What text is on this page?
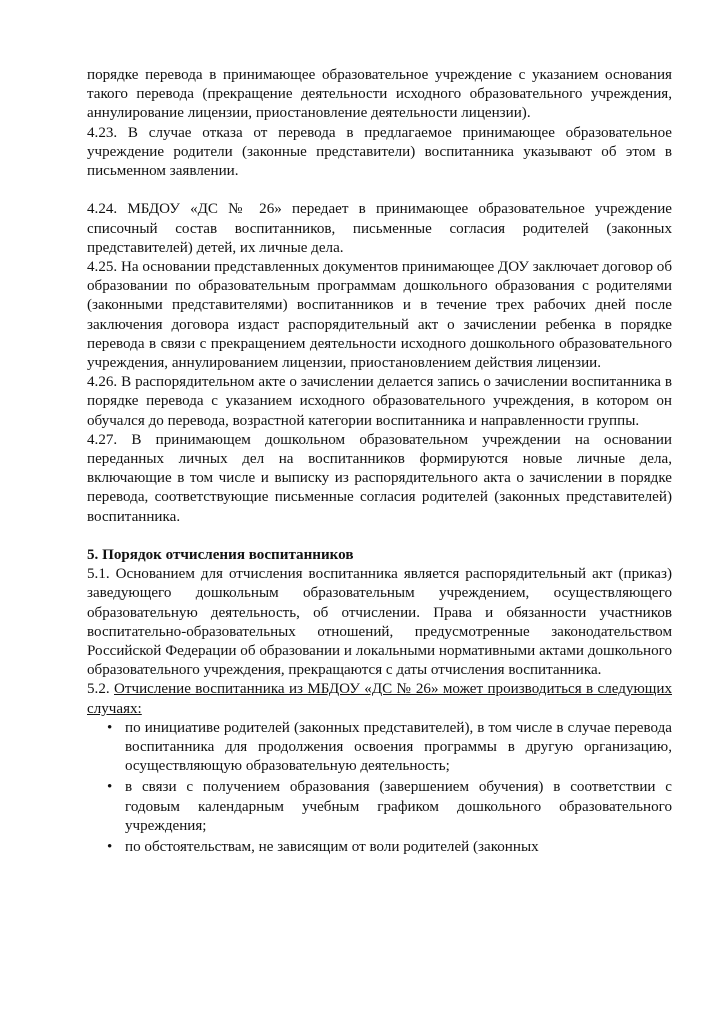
порядке перевода в принимающее образовательное учреждение с указанием основания такого перевода (прекращение деятельности исходного образовательного учреждения, аннулирование лицензии, приостановление деятельности лицензии).

4.23. В случае отказа от перевода в предлагаемое принимающее образовательное учреждение родители (законные представители) воспитанника указывают об этом в письменном заявлении.

4.24. МБДОУ «ДС № 26» передает в принимающее образовательное учреждение списочный состав воспитанников, письменные согласия родителей (законных представителей) детей, их личные дела.

4.25. На основании представленных документов принимающее ДОУ заключает договор об образовании по образовательным программам дошкольного образования с родителями (законными представителями) воспитанников и в течение трех рабочих дней после заключения договора издаст распорядительный акт о зачислении ребенка в порядке перевода в связи с прекращением деятельности исходного дошкольного образовательного учреждения, аннулированием лицензии, приостановлением действия лицензии.

4.26. В распорядительном акте о зачислении делается запись о зачислении воспитанника в порядке перевода с указанием исходного образовательного учреждения, в котором он обучался до перевода, возрастной категории воспитанника и направленности группы.

4.27. В принимающем дошкольном образовательном учреждении на основании переданных личных дел на воспитанников формируются новые личные дела, включающие в том числе и выписку из распорядительного акта о зачислении в порядке перевода, соответствующие письменные согласия родителей (законных представителей) воспитанника.

5. Порядок отчисления воспитанников

5.1. Основанием для отчисления воспитанника является распорядительный акт (приказ) заведующего дошкольным образовательным учреждением, осуществляющего образовательную деятельность, об отчислении. Права и обязанности участников воспитательно-образовательных отношений, предусмотренные законодательством Российской Федерации об образовании и локальными нормативными актами дошкольного образовательного учреждения, прекращаются с даты отчисления воспитанника.

5.2. Отчисление воспитанника из МБДОУ «ДС № 26» может производиться в следующих случаях:

• по инициативе родителей (законных представителей), в том числе в случае перевода воспитанника для продолжения освоения программы в другую организацию, осуществляющую образовательную деятельность;
• в связи с получением образования (завершением обучения) в соответствии с годовым календарным учебным графиком дошкольного образовательного учреждения;
• по обстоятельствам, не зависящим от воли родителей (законных
